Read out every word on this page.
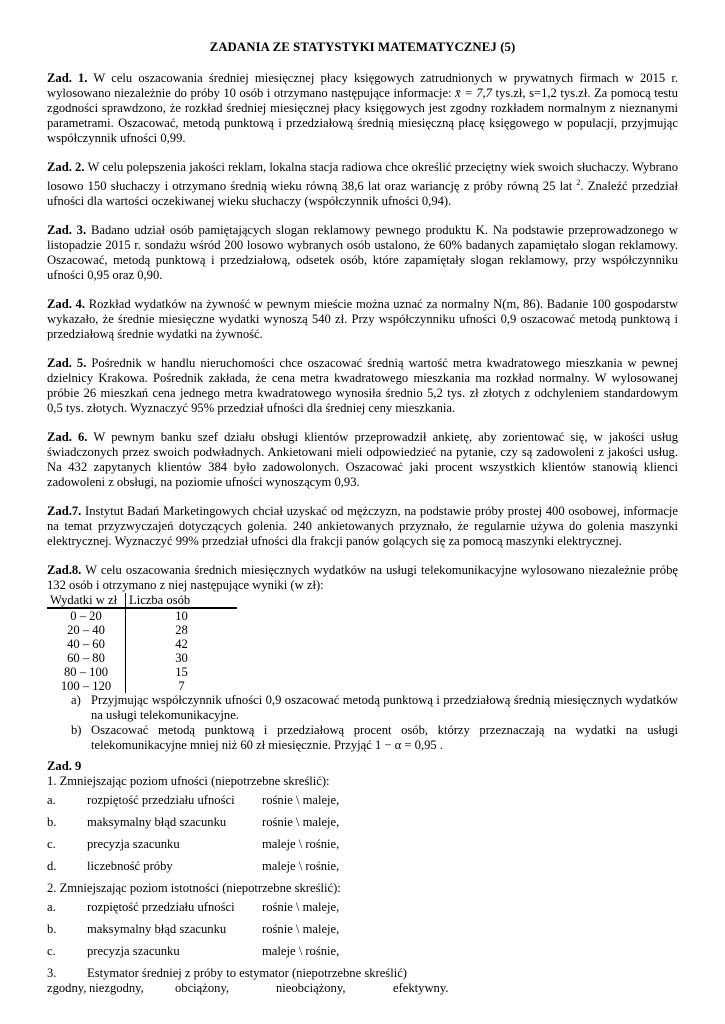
ZADANIA ZE STATYSTYKI MATEMATYCZNEJ (5)
Zad. 1. W celu oszacowania średniej miesięcznej płacy księgowych zatrudnionych w prywatnych firmach w 2015 r. wylosowano niezależnie do próby 10 osób i otrzymano następujące informacje: x̄ = 7,7 tys.zł, s=1,2 tys.zł. Za pomocą testu zgodności sprawdzono, że rozkład średniej miesięcznej płacy księgowych jest zgodny rozkładem normalnym z nieznanymi parametrami. Oszacować, metodą punktową i przedziałową średnią miesięczną płacę księgowego w populacji, przyjmując współczynnik ufności 0,99.
Zad. 2. W celu polepszenia jakości reklam, lokalna stacja radiowa chce określić przeciętny wiek swoich słuchaczy. Wybrano losowo 150 słuchaczy i otrzymano średnią wieku równą 38,6 lat oraz wariancję z próby równą 25 lat $^2$. Znaleźć przedział ufności dla wartości oczekiwanej wieku słuchaczy (współczynnik ufności 0,94).
Zad. 3. Badano udział osób pamiętających slogan reklamowy pewnego produktu K. Na podstawie przeprowadzonego w listopadzie 2015 r. sondażu wśród 200 losowo wybranych osób ustalono, że 60% badanych zapamiętało slogan reklamowy. Oszacować, metodą punktową i przedziałową, odsetek osób, które zapamiętały slogan reklamowy, przy współczynniku ufności 0,95 oraz 0,90.
Zad. 4. Rozkład wydatków na żywność w pewnym mieście można uznać za normalny N(m, 86). Badanie 100 gospodarstw wykazało, że średnie miesięczne wydatki wynoszą 540 zł. Przy współczynniku ufności 0,9 oszacować metodą punktową i przedziałową średnie wydatki na żywność.
Zad. 5. Pośrednik w handlu nieruchomości chce oszacować średnią wartość metra kwadratowego mieszkania w pewnej dzielnicy Krakowa. Pośrednik zakłada, że cena metra kwadratowego mieszkania ma rozkład normalny. W wylosowanej próbie 26 mieszkań cena jednego metra kwadratowego wynosiła średnio 5,2 tys. zł złotych z odchyleniem standardowym 0,5 tys. złotych. Wyznaczyć 95% przedział ufności dla średniej ceny mieszkania.
Zad. 6. W pewnym banku szef działu obsługi klientów przeprowadził ankietę, aby zorientować się, w jakości usług świadczonych przez swoich podwładnych. Ankietowani mieli odpowiedzieć na pytanie, czy są zadowoleni z jakości usług. Na 432 zapytanych klientów 384 było zadowolonych. Oszacować jaki procent wszystkich klientów stanowią klienci zadowoleni z obsługi, na poziomie ufności wynoszącym 0,93.
Zad.7. Instytut Badań Marketingowych chciał uzyskać od mężczyzn, na podstawie próby prostej 400 osobowej, informacje na temat przyzwyczajeń dotyczących golenia. 240 ankietowanych przyznało, że regularnie używa do golenia maszynki elektrycznej. Wyznaczyć 99% przedział ufności dla frakcji panów golących się za pomocą maszynki elektrycznej.
Zad.8. W celu oszacowania średnich miesięcznych wydatków na usługi telekomunikacyjne wylosowano niezależnie próbę 132 osób i otrzymano z niej następujące wyniki (w zł):
Wydatki w zł	Liczba osób
0 – 20	10
20 – 40	28
40 – 60	42
60 – 80	30
80 – 100	15
100 – 120	7
a) Przyjmując współczynnik ufności 0,9 oszacować metodą punktową i przedziałową średnią miesięcznych wydatków na usługi telekomunikacyjne.
b) Oszacować metodą punktową i przedziałową procent osób, którzy przeznaczają na wydatki na usługi telekomunikacyjne mniej niż 60 zł miesięcznie. Przyjąć 1 − α = 0,95 .
Zad. 9
1. Zmniejszając poziom ufności (niepotrzebne skreślić):
a.	rozpiętość przedziału ufności	rośnie \ maleje,
b.	maksymalny błąd szacunku	rośnie \ maleje,
c.	precyzja szacunku	maleje \ rośnie,
d.	liczebność próby	maleje \ rośnie,
2. Zmniejszając poziom istotności (niepotrzebne skreślić):
a.	rozpiętość przedziału ufności	rośnie \ maleje,
b.	maksymalny błąd szacunku	rośnie \ maleje,
c.	precyzja szacunku	maleje \ rośnie,
3.	Estymator średniej z próby to estymator (niepotrzebne skreślić)
zgodny, niezgodny,	obciążony,	nieobciążony,	efektywny.
